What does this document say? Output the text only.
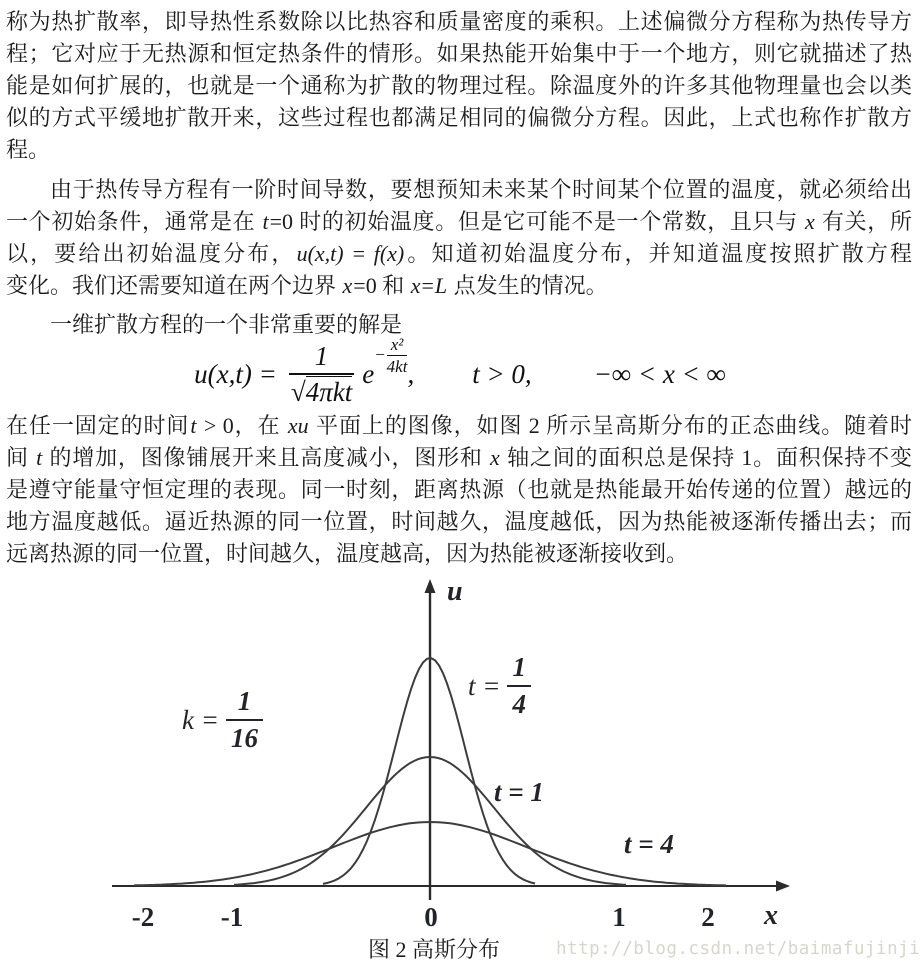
称为热扩散率，即导热性系数除以比热容和质量密度的乘积。上述偏微分方程称为热传导方
程；它对应于无热源和恒定热条件的情形。如果热能开始集中于一个地方，则它就描述了热
能是如何扩展的，也就是一个通称为扩散的物理过程。除温度外的许多其他物理量也会以类
似的方式平缓地扩散开来，这些过程也都满足相同的偏微分方程。因此，上式也称作扩散方
程。
由于热传导方程有一阶时间导数，要想预知未来某个时间某个位置的温度，就必须给出
一个初始条件，通常是在 t=0 时的初始温度。但是它可能不是一个常数，且只与 x 有关，所
以，要给出初始温度分布，u(x,t) = f(x)。知道初始温度分布，并知道温度按照扩散方程
变化。我们还需要知道在两个边界 x=0 和 x=L 点发生的情况。
一维扩散方程的一个非常重要的解是
在任一固定的时间t > 0，在 xu 平面上的图像，如图 2 所示呈高斯分布的正态曲线。随着时
间 t 的增加，图像铺展开来且高度减小，图形和 x 轴之间的面积总是保持 1。面积保持不变
是遵守能量守恒定理的表现。同一时刻，距离热源（也就是热能最开始传递的位置）越远的
地方温度越低。逼近热源的同一位置，时间越久，温度越低，因为热能被逐渐传播出去；而
远离热源的同一位置，时间越久，温度越高，因为热能被逐渐接收到。
$u(x,t) = \frac{1}{\text{√4πkt}}$ e
− $\frac{\text{x²}}{4kt}$ , t > 0, −∞ < x < ∞
u
x
-2 -1	0	1	2
$k = \frac{1}{16}$
$t = \frac{1}{4}$
t = 1
t = 4
图 2 高斯分布	http://blog.csdn.net/baimafujinji
